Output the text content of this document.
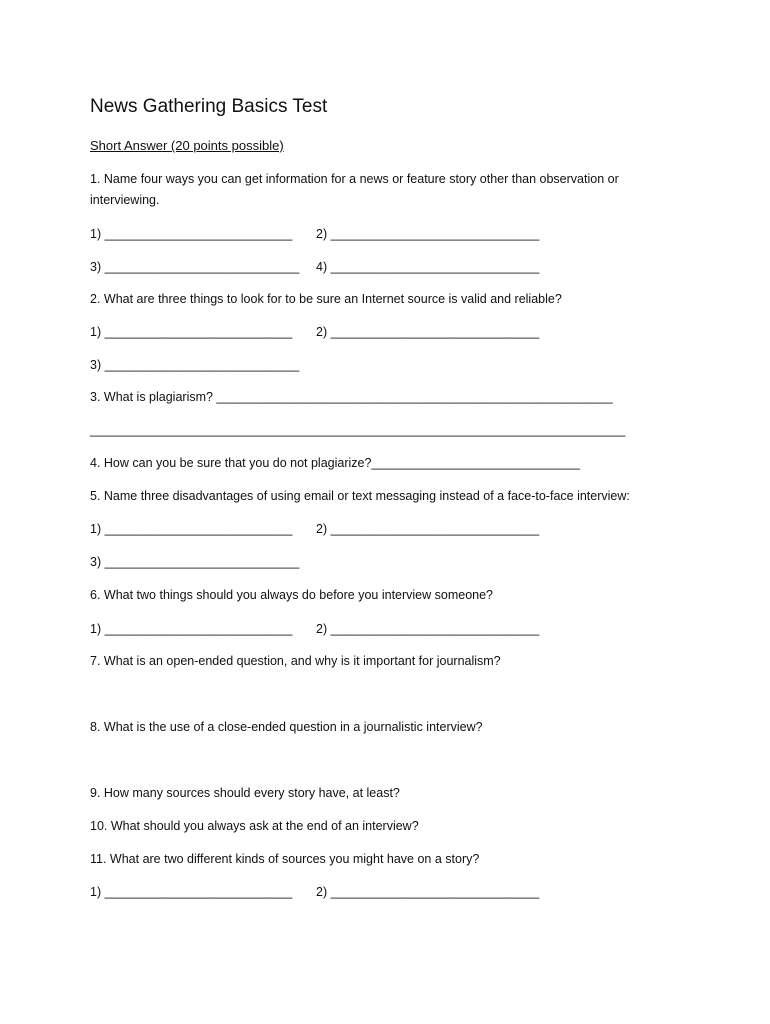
News Gathering Basics Test
Short Answer (20 points possible)
1. Name four ways you can get information for a news or feature story other than observation or
interviewing.
1) ___________________________ 2) ______________________________
3) ____________________________ 4) ______________________________
2. What are three things to look for to be sure an Internet source is valid and reliable?
1) ___________________________ 2) ______________________________
3) ____________________________
3. What is plagiarism? _________________________________________________________
_____________________________________________________________________________
4. How can you be sure that you do not plagiarize?______________________________
5. Name three disadvantages of using email or text messaging instead of a face-to-face interview:
1) ___________________________ 2) ______________________________
3) ____________________________
6. What two things should you always do before you interview someone?
1) ___________________________ 2) ______________________________
7. What is an open-ended question, and why is it important for journalism?
8. What is the use of a close-ended question in a journalistic interview?
9. How many sources should every story have, at least?
10. What should you always ask at the end of an interview?
11. What are two different kinds of sources you might have on a story?
1) ___________________________ 2) ______________________________
